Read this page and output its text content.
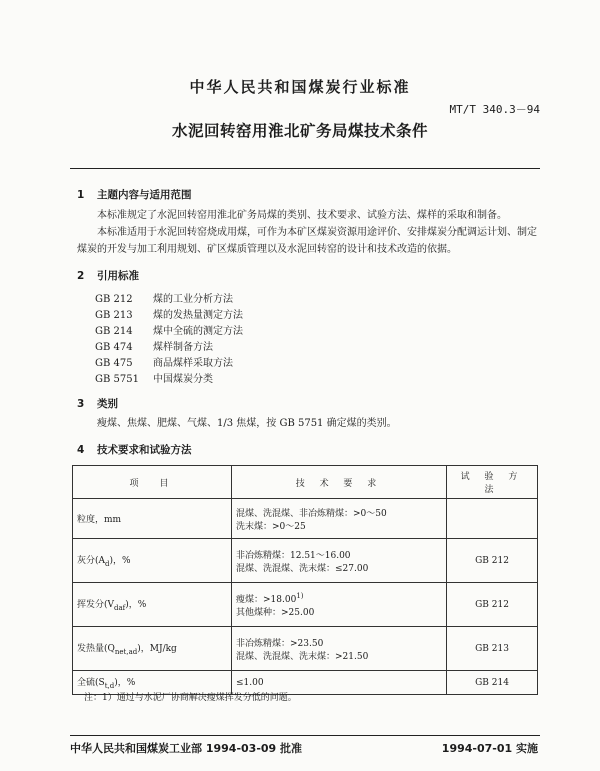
中华人民共和国煤炭行业标准
MT/T 340.3－94
水泥回转窑用淮北矿务局煤技术条件
1 主题内容与适用范围
本标准规定了水泥回转窑用淮北矿务局煤的类别、技术要求、试验方法、煤样的采取和制备。
本标准适用于水泥回转窑烧成用煤，可作为本矿区煤炭资源用途评价、安排煤炭分配调运计划、制定煤炭的开发与加工利用规划、矿区煤质管理以及水泥回转窑的设计和技术改造的依据。
2 引用标准
GB 212 煤的工业分析方法
GB 213 煤的发热量测定方法
GB 214 煤中全硫的测定方法
GB 474 煤样制备方法
GB 475 商品煤样采取方法
GB 5751 中国煤炭分类
3 类别
瘦煤、焦煤、肥煤、气煤、1/3 焦煤，按 GB 5751 确定煤的类别。
4 技术要求和试验方法
项　目	技 术 要 求	试 验 方 法
粒度，mm	混煤、洗混煤、非冶炼精煤：>0～50
洗末煤：>0～25	

灰分$(A_d)$，%	非冶炼精煤：12.51～16.00
混煤、洗混煤、洗末煤：≤27.00	GB 212
挥发分$(V_{daf})$，%	瘦煤：$>18.00^{1)}$
其他煤种：>25.00	GB 212
发热量$(Q_{net,ad})$，MJ/kg	非冶炼精煤：>23.50
混煤、洗混煤、洗末煤：>21.50	GB 213
全硫$(S_{t,d})$，%	≤1.00	GB 214
注：1）通过与水泥厂协商解决瘦煤挥发分低的问题。
中华人民共和国煤炭工业部 1994-03-09 批准	1994-07-01 实施
